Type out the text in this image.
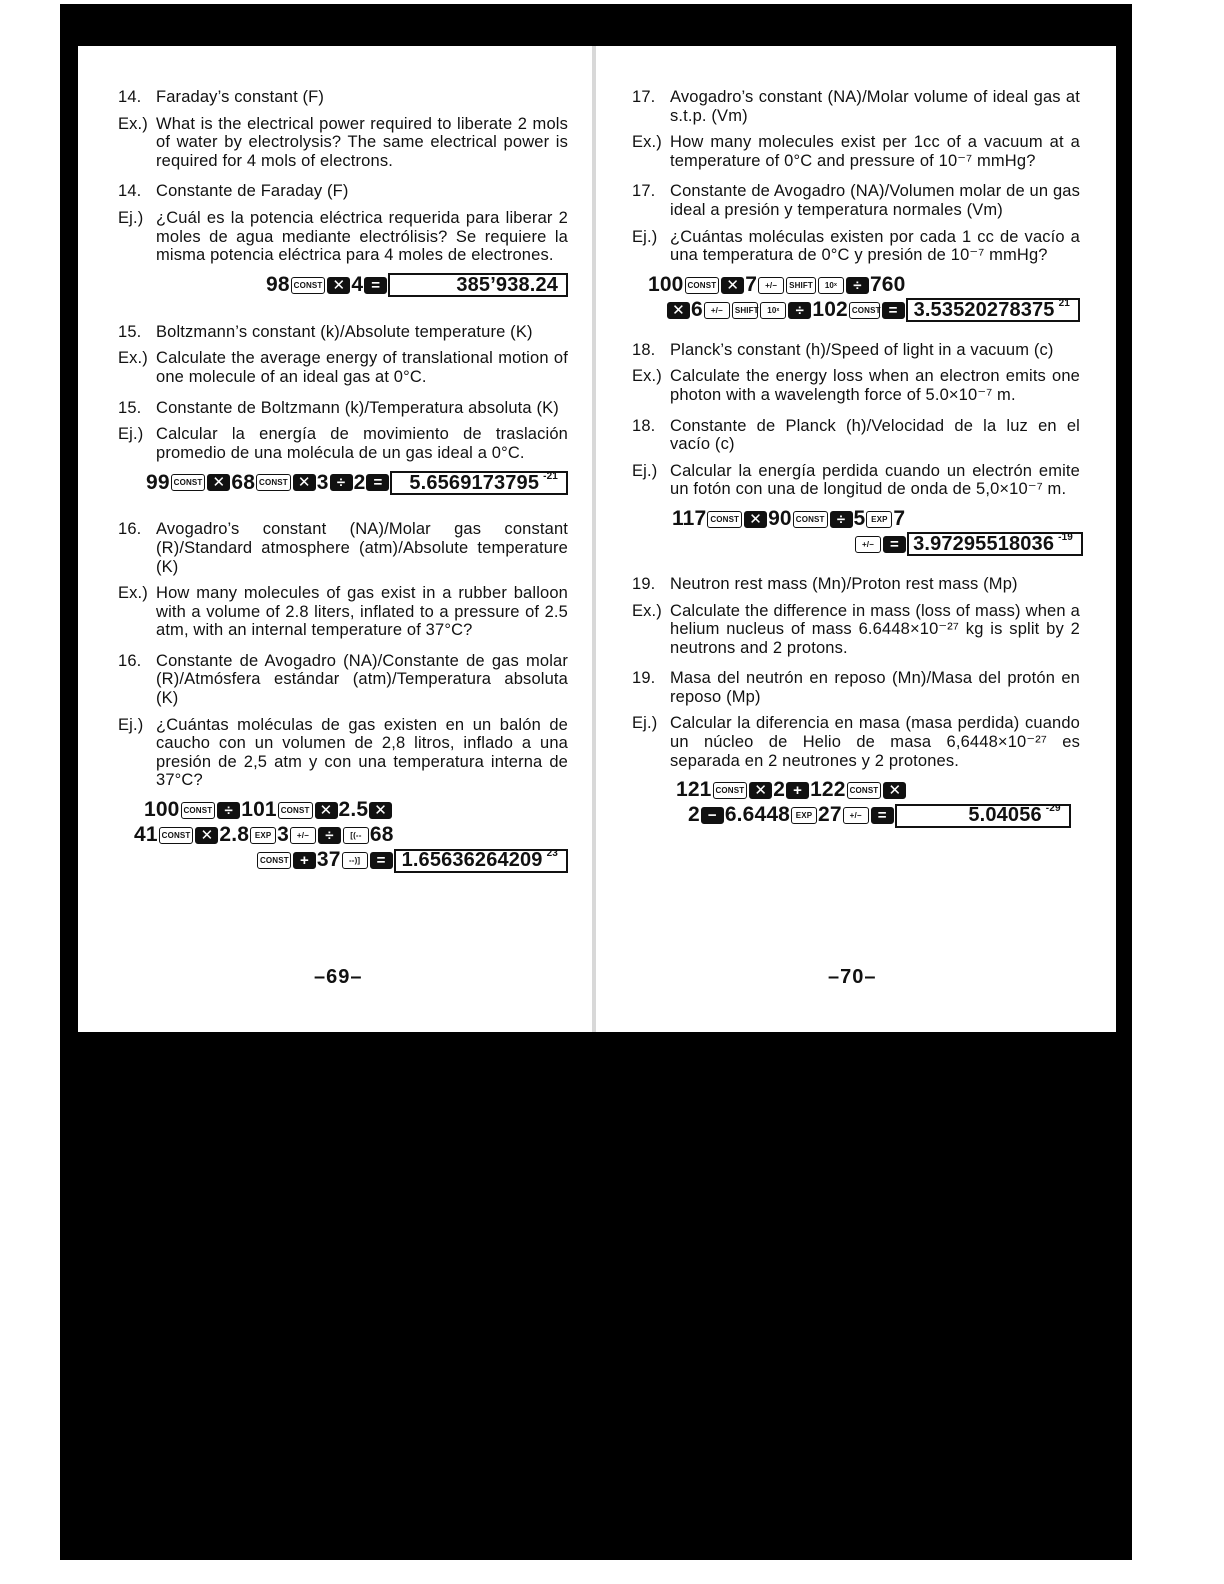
14. Faraday’s constant (F)
Ex.) What is the electrical power required to liberate 2 mols of water by electrolysis? The same electrical power is required for 4 mols of electrons.
14. Constante de Faraday (F)
Ej.) ¿Cuál es la potencia eléctrica requerida para liberar 2 moles de agua mediante electrólisis? Se requiere la misma potencia eléctrica para 4 moles de electrones.
98 CONST ✕ 4 =	385’938.24
15. Boltzmann’s constant (k)/Absolute temperature (K)
Ex.) Calculate the average energy of translational motion of one molecule of an ideal gas at 0°C.
15. Constante de Boltzmann (k)/Temperatura absoluta (K)
Ej.) Calcular la energía de movimiento de traslación promedio de una molécula de un gas ideal a 0°C.
99 CONST ✕ 68 CONST ✕ 3 ÷ 2 =	5.6569173795 $^{-21}$
16. Avogadro’s constant (NA)/Molar gas constant (R)/Standard atmosphere (atm)/Absolute temperature (K)
Ex.) How many molecules of gas exist in a rubber balloon with a volume of 2.8 liters, inflated to a pressure of 2.5 atm, with an internal temperature of 37°C?
16. Constante de Avogadro (NA)/Constante de gas molar (R)/Atmósfera estándar (atm)/Temperatura absoluta (K)
Ej.) ¿Cuántas moléculas de gas existen en un balón de caucho con un volumen de 2,8 litros, inflado a una presión de 2,5 atm y con una temperatura interna de 37°C?
100 CONST ÷ 101 CONST ✕ 2.5 ✕
41 CONST ✕ 2.8 EXP 3 +/−	÷	[(-- 68
CONST + 37	--)]	= 1.65636264209 $^{23}$
17. Avogadro’s constant (NA)/Molar volume of ideal gas at s.t.p. (Vm)
Ex.) How many molecules exist per 1cc of a vacuum at a temperature of 0°C and pressure of 10⁻⁷ mmHg?
17. Constante de Avogadro (NA)/Volumen molar de un gas ideal a presión y temperatura normales (Vm)
Ej.) ¿Cuántas moléculas existen por cada 1 cc de vacío a una temperatura de 0°C y presión de 10⁻⁷ mmHg?
100 CONST ✕ 7 +/−	SHIFT	10ˣ	÷ 760
✕ 6 +/−	SHIFT	10ˣ	÷ 102 CONST = 3.53520278375 $^{21}$
18. Planck’s constant (h)/Speed of light in a vacuum (c)
Ex.) Calculate the energy loss when an electron emits one photon with a wavelength force of 5.0×10⁻⁷ m.
18. Constante de Planck (h)/Velocidad de la luz en el vacío (c)
Ej.) Calcular la energía perdida cuando un electrón emite un fotón con una de longitud de onda de 5,0×10⁻⁷ m.
117 CONST ✕ 90 CONST ÷ 5 EXP 7
+/−	= 3.97295518036 $^{-19}$
19. Neutron rest mass (Mn)/Proton rest mass (Mp)
Ex.) Calculate the difference in mass (loss of mass) when a helium nucleus of mass 6.6448×10⁻²⁷ kg is split by 2 neutrons and 2 protons.
19. Masa del neutrón en reposo (Mn)/Masa del protón en reposo (Mp)
Ej.) Calcular la diferencia en masa (masa perdida) cuando un núcleo de Helio de masa 6,6448×10⁻²⁷ es separada en 2 neutrones y 2 protones.
121 CONST ✕ 2 + 122 CONST ✕
2 − 6.6448 EXP 27 +/−	=	5.04056 $^{-29}$
–69–	–70–
